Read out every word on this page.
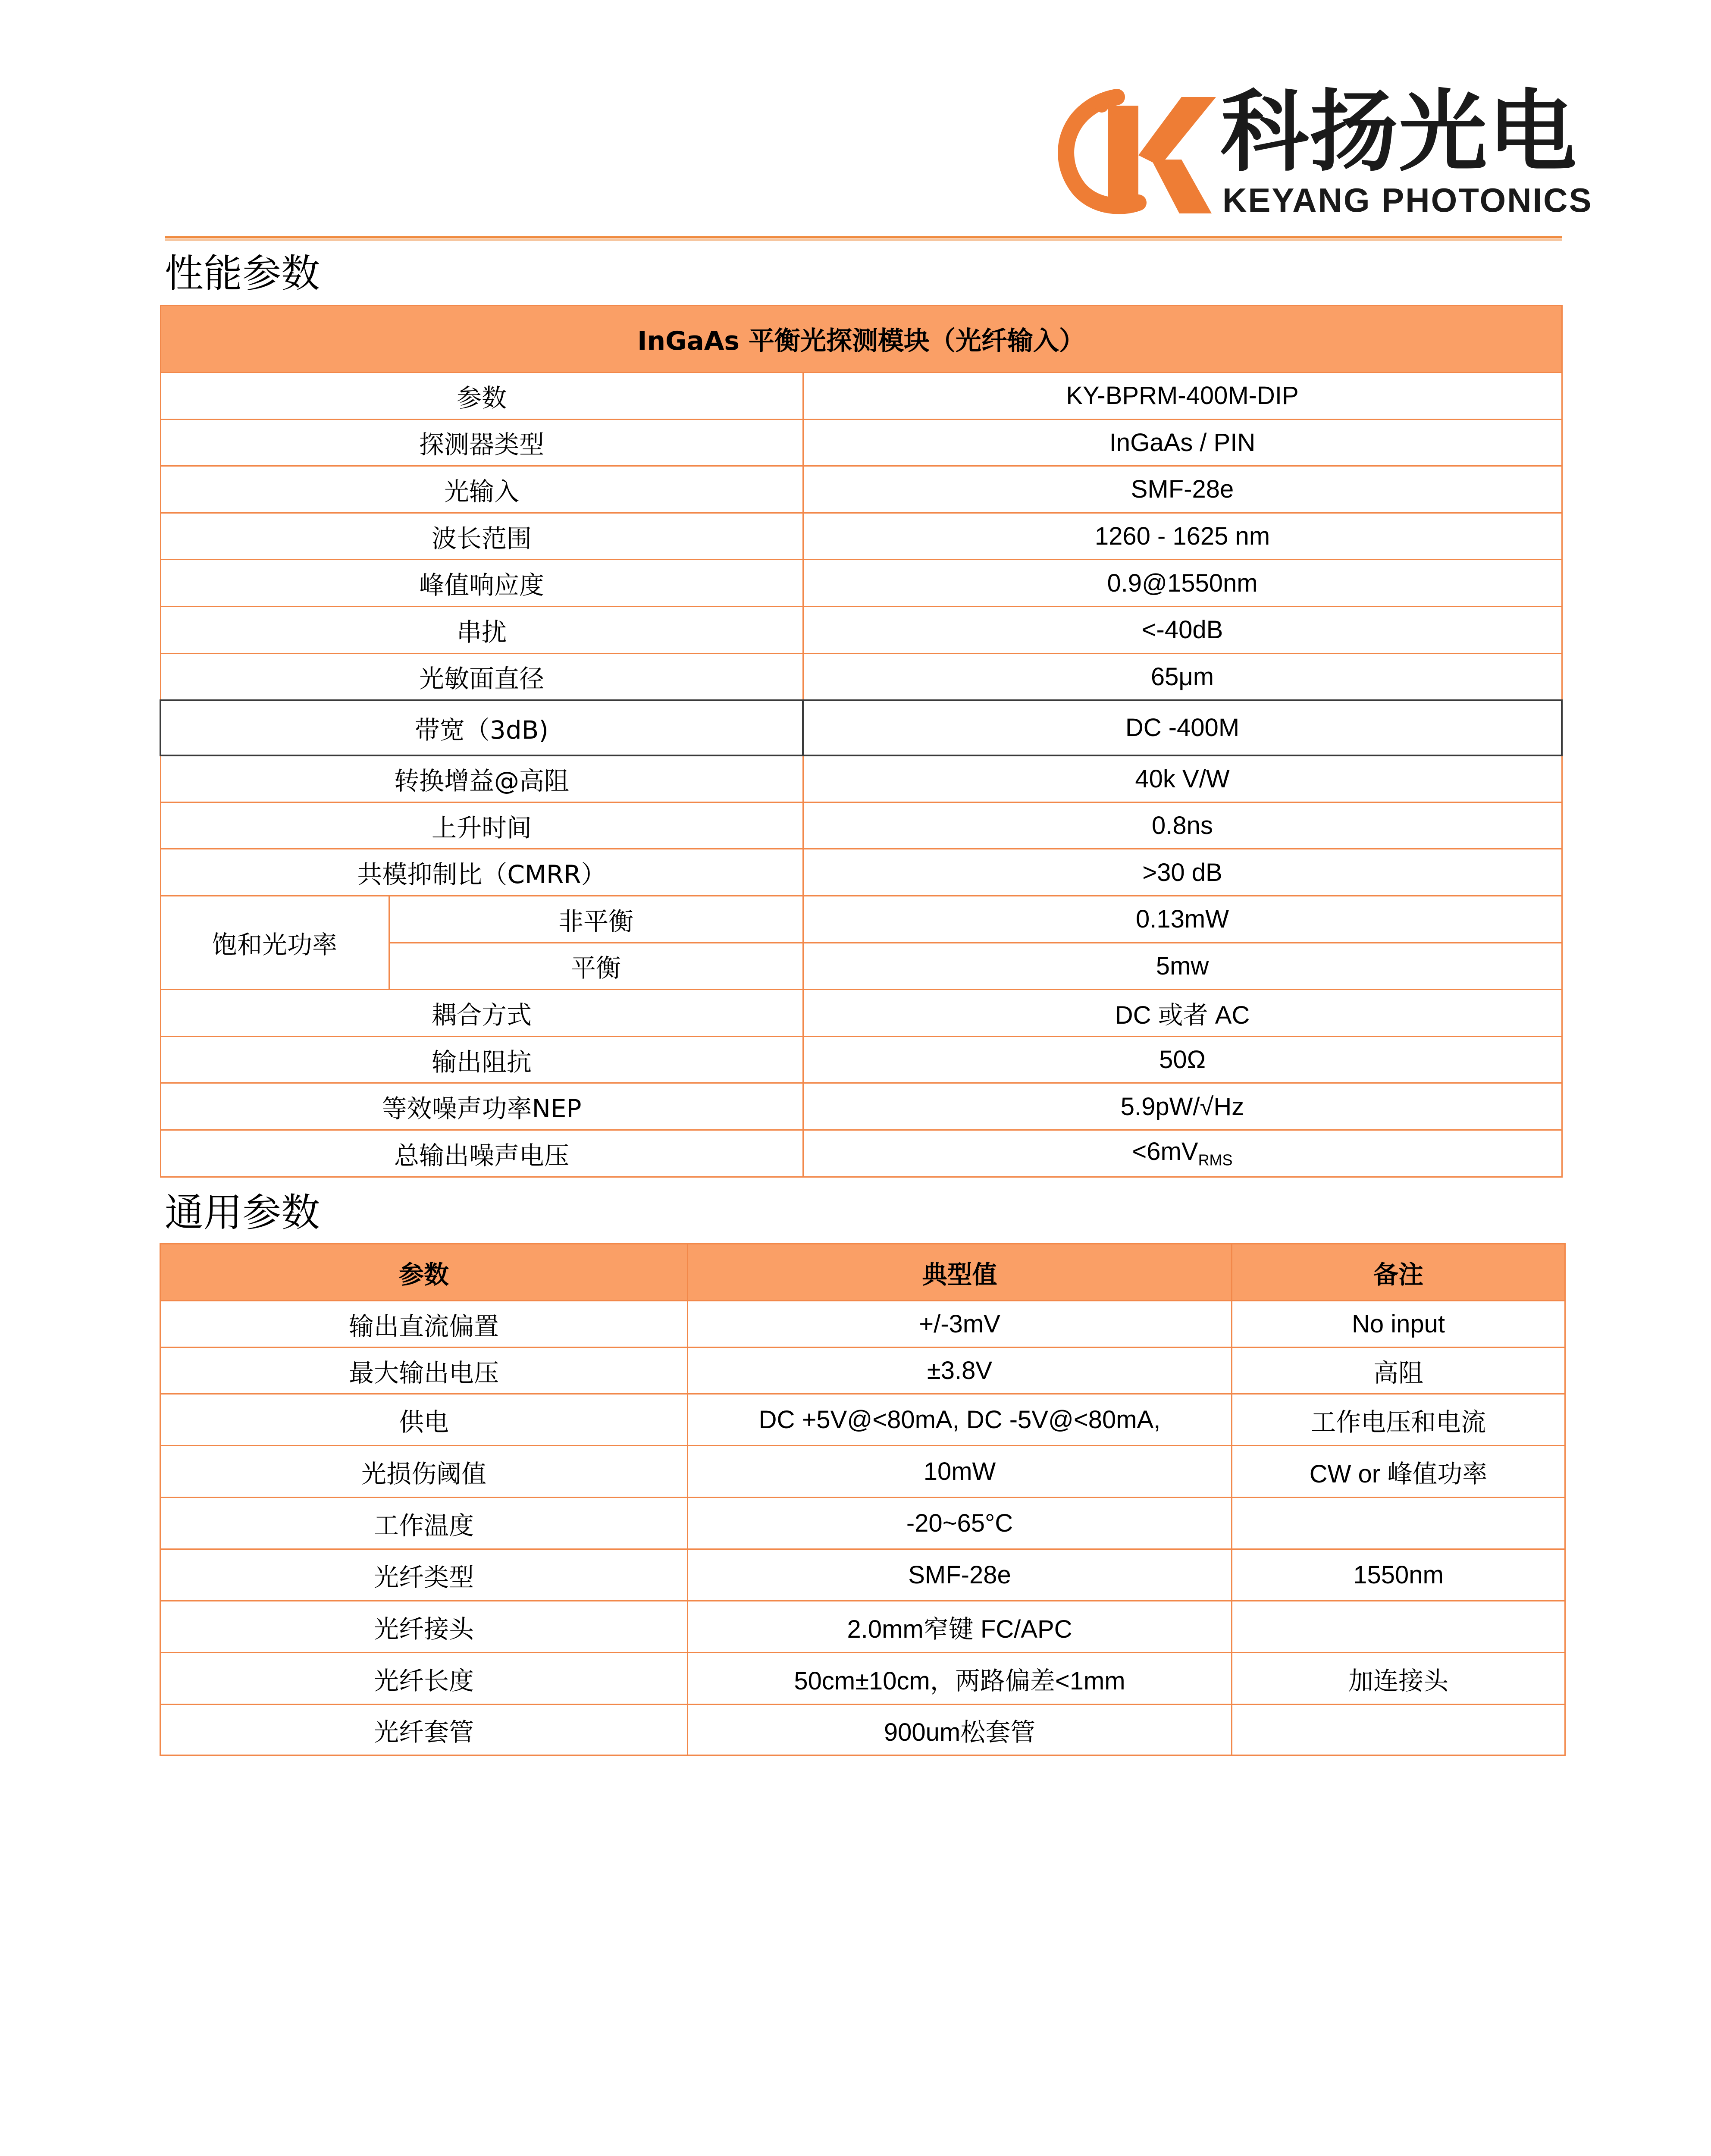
科扬光电
KEYANG PHOTONICS
性能参数
InGaAs 平衡光探测模块（光纤输入）		
参数		KY-BPRM-400M-DIP
探测器类型		InGaAs / PIN
光输入		SMF-28e
波长范围		1260 - 1625 nm
峰值响应度		0.9@1550nm
串扰		<-40dB
光敏面直径		65μm
带宽（3dB)		DC -400M
转换增益@高阻		40k V/W
上升时间		0.8ns
共模抑制比（CMRR）		>30 dB
饱和光功率	非平衡	0.13mW
	平衡	5mw
耦合方式		DC 或者 AC
输出阻抗		50Ω
等效噪声功率NEP		5.9pW/√Hz
总输出噪声电压		$<6mV_{RMS}$
通用参数
参数	典型值	备注
输出直流偏置	+/-3mV	No input
最大输出电压	±3.8V	高阻
供电	DC +5V@<80mA, DC -5V@<80mA,	工作电压和电流
光损伤阈值	10mW	CW or 峰值功率
工作温度	-20~65°C	
光纤类型	SMF-28e	1550nm
光纤接头	2.0mm窄键 FC/APC	
光纤长度	50cm±10cm，两路偏差<1mm	加连接头
光纤套管	900um松套管	
